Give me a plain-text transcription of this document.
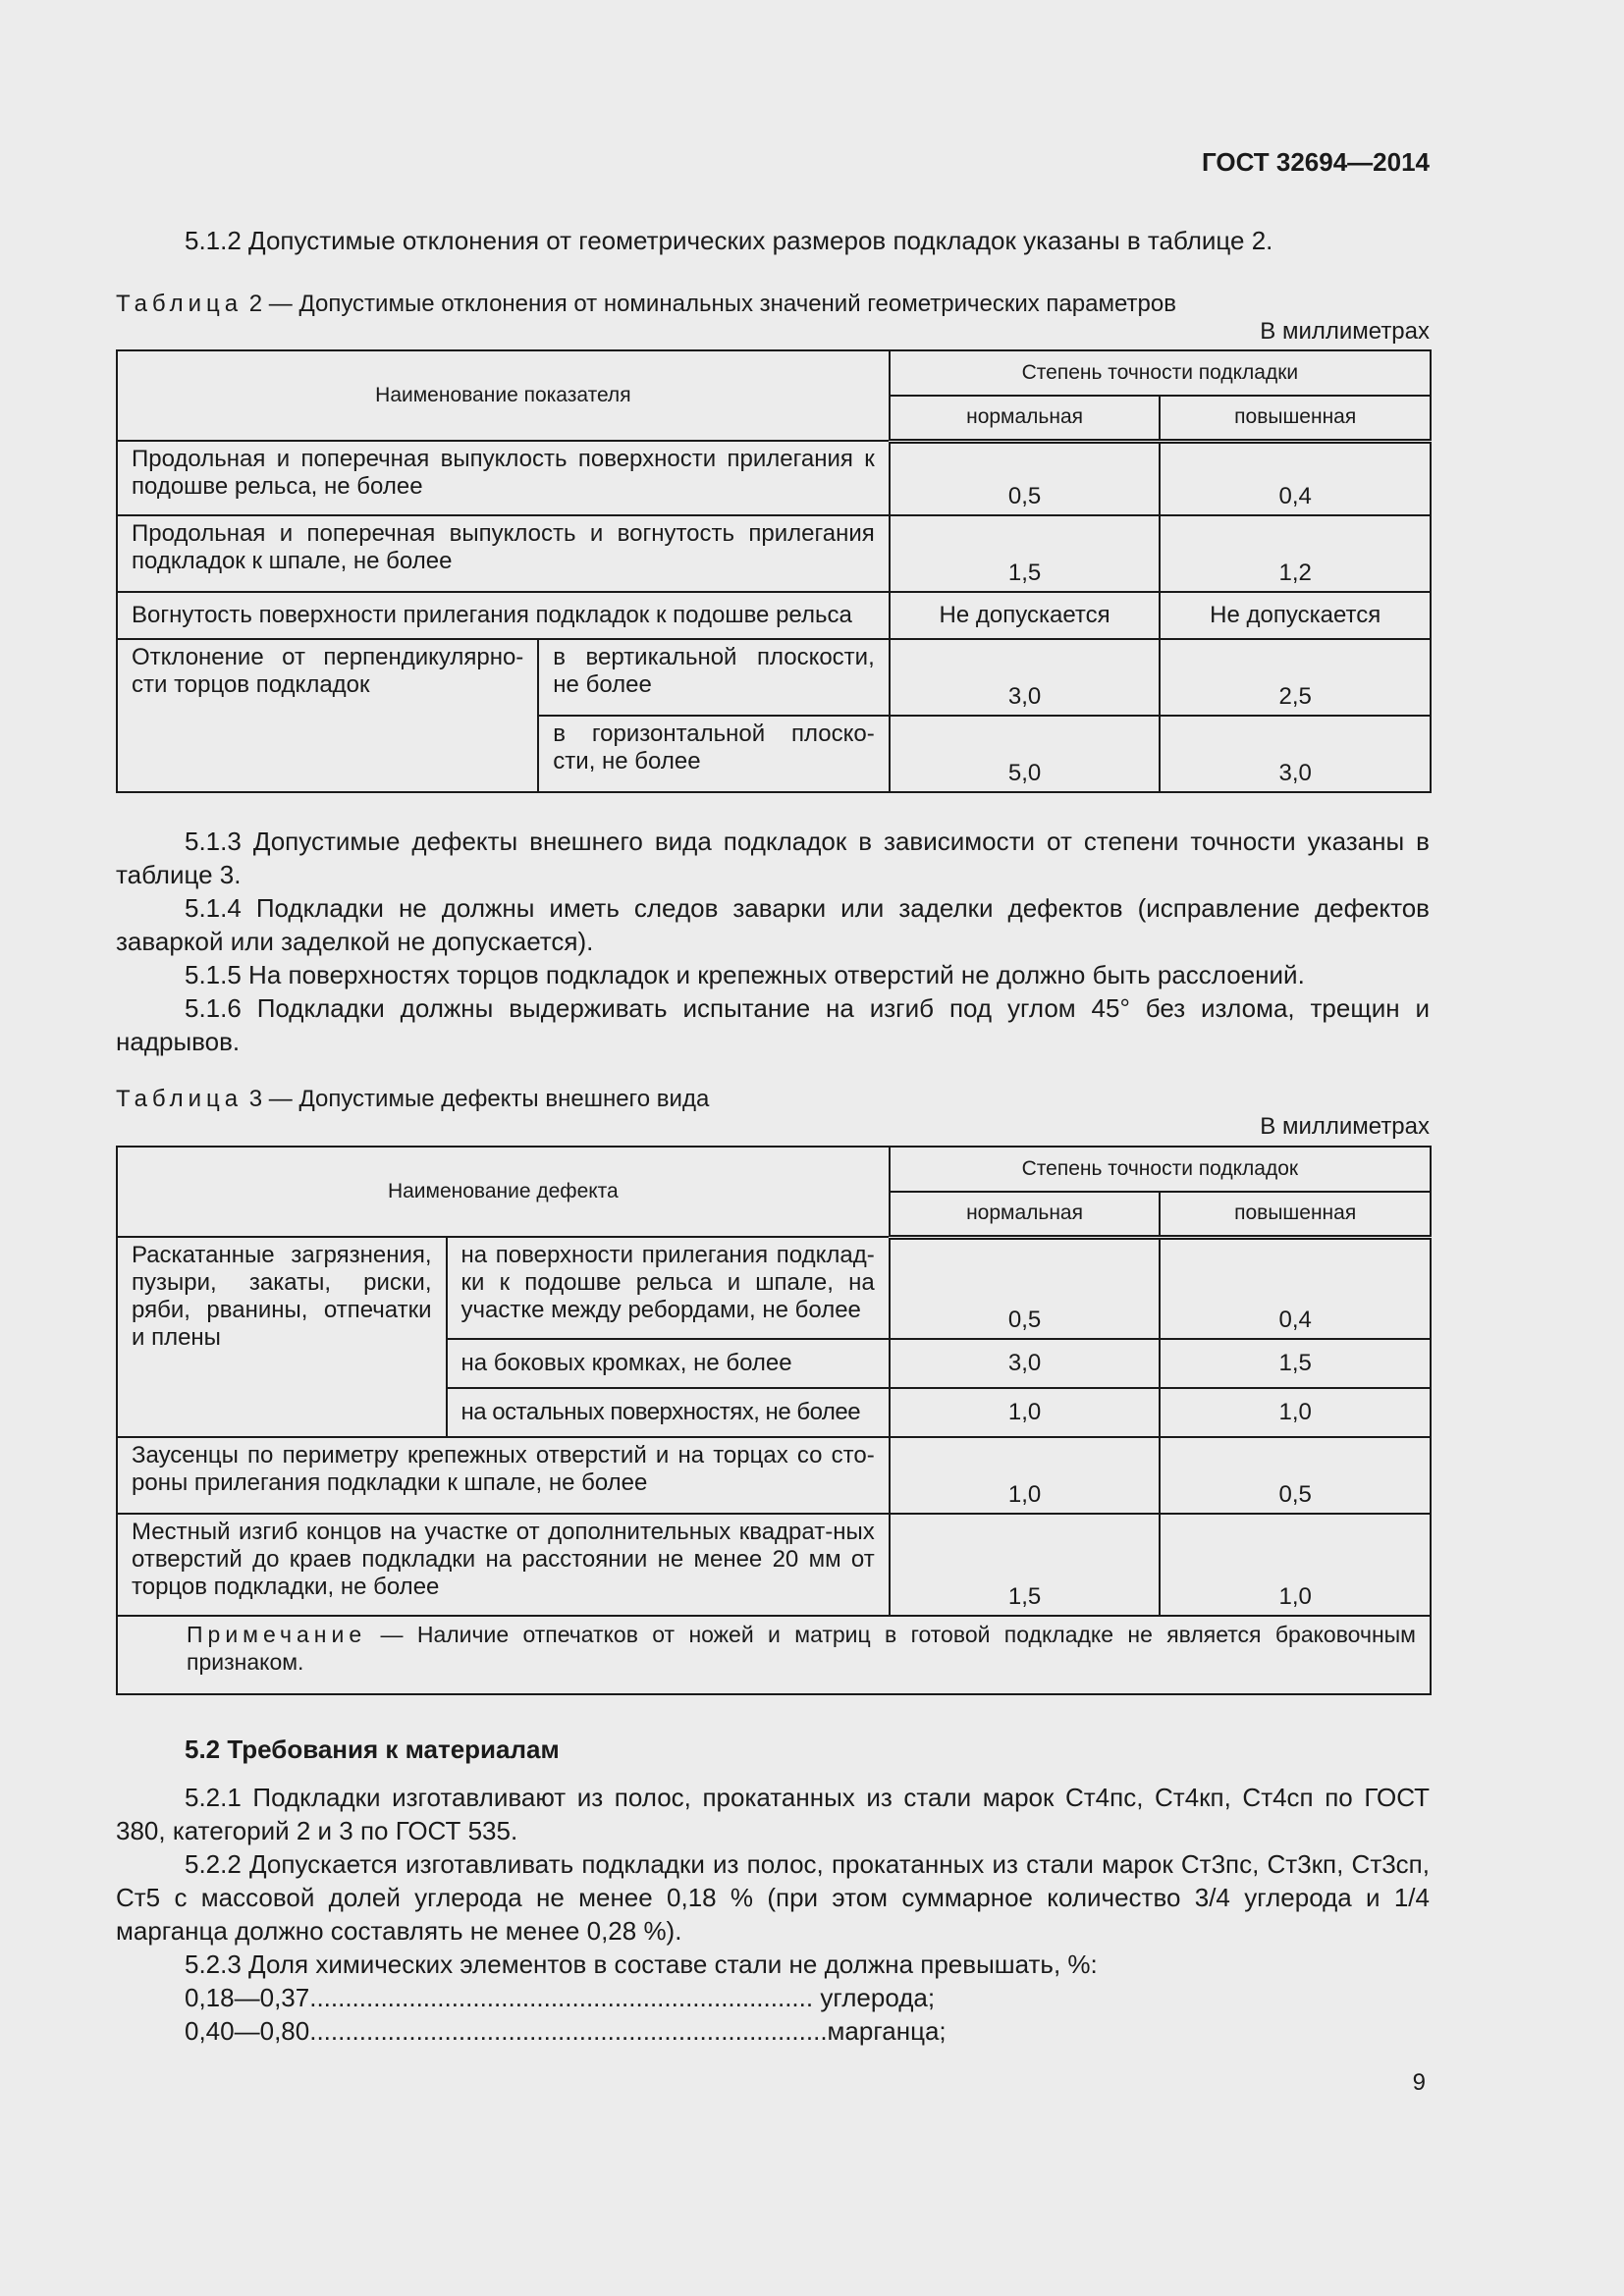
ГОСТ 32694—2014
5.1.2 Допустимые отклонения от геометрических размеров подкладок указаны в таблице 2.
Таблица 2 — Допустимые отклонения от номинальных значений геометрических параметров
В миллиметрах
Наименование показателя		Степень точности подкладки	
		нормальная	повышенная
Продольная и поперечная выпуклость поверхности прилегания к подошве рельса, не более		0,5	0,4
Продольная и поперечная выпуклость и вогнутость прилегания подкладок к шпале, не более		1,5	1,2
Вогнутость поверхности прилегания подкладок к подошве рельса		Не допускается	Не допускается
Отклонение от перпендикулярно-сти торцов подкладок	в вертикальной плоскости, не более	3,0	2,5
	в горизонтальной плоско-сти, не более	5,0	3,0
5.1.3 Допустимые дефекты внешнего вида подкладок в зависимости от степени точности указаны в таблице 3.
5.1.4 Подкладки не должны иметь следов заварки или заделки дефектов (исправление дефектов заваркой или заделкой не допускается).
5.1.5 На поверхностях торцов подкладок и крепежных отверстий не должно быть расслоений.
5.1.6 Подкладки должны выдерживать испытание на изгиб под углом 45° без излома, трещин и надрывов.
Таблица 3 — Допустимые дефекты внешнего вида
В миллиметрах
Наименование дефекта		Степень точности подкладок	
		нормальная	повышенная
Раскатанные загрязнения, пузыри, закаты, риски, ряби, рванины, отпечатки и плены	на поверхности прилегания подклад-ки к подошве рельса и шпале, на участке между ребордами, не более	0,5	0,4
	на боковых кромках, не более	3,0	1,5
	на остальных поверхностях, не более	1,0	1,0
Заусенцы по периметру крепежных отверстий и на торцах со сто-роны прилегания подкладки к шпале, не более		1,0	0,5
Местный изгиб концов на участке от дополнительных квадрат-ных отверстий до краев подкладки на расстоянии не менее 20 мм от торцов подкладки, не более		1,5	1,0
Примечание — Наличие отпечатков от ножей и матриц в готовой подкладке не является браковочным признаком.			
5.2 Требования к материалам
5.2.1 Подкладки изготавливают из полос, прокатанных из стали марок Ст4пс, Ст4кп, Ст4сп по ГОСТ 380, категорий 2 и 3 по ГОСТ 535.
5.2.2 Допускается изготавливать подкладки из полос, прокатанных из стали марок Ст3пс, Ст3кп, Ст3сп, Ст5 с массовой долей углерода не менее 0,18 % (при этом суммарное количество 3/4 углерода и 1/4 марганца должно составлять не менее 0,28 %).
5.2.3 Доля химических элементов в составе стали не должна превышать, %:
0,18—0,37....................................................................... углерода;
0,40—0,80.........................................................................марганца;
9
